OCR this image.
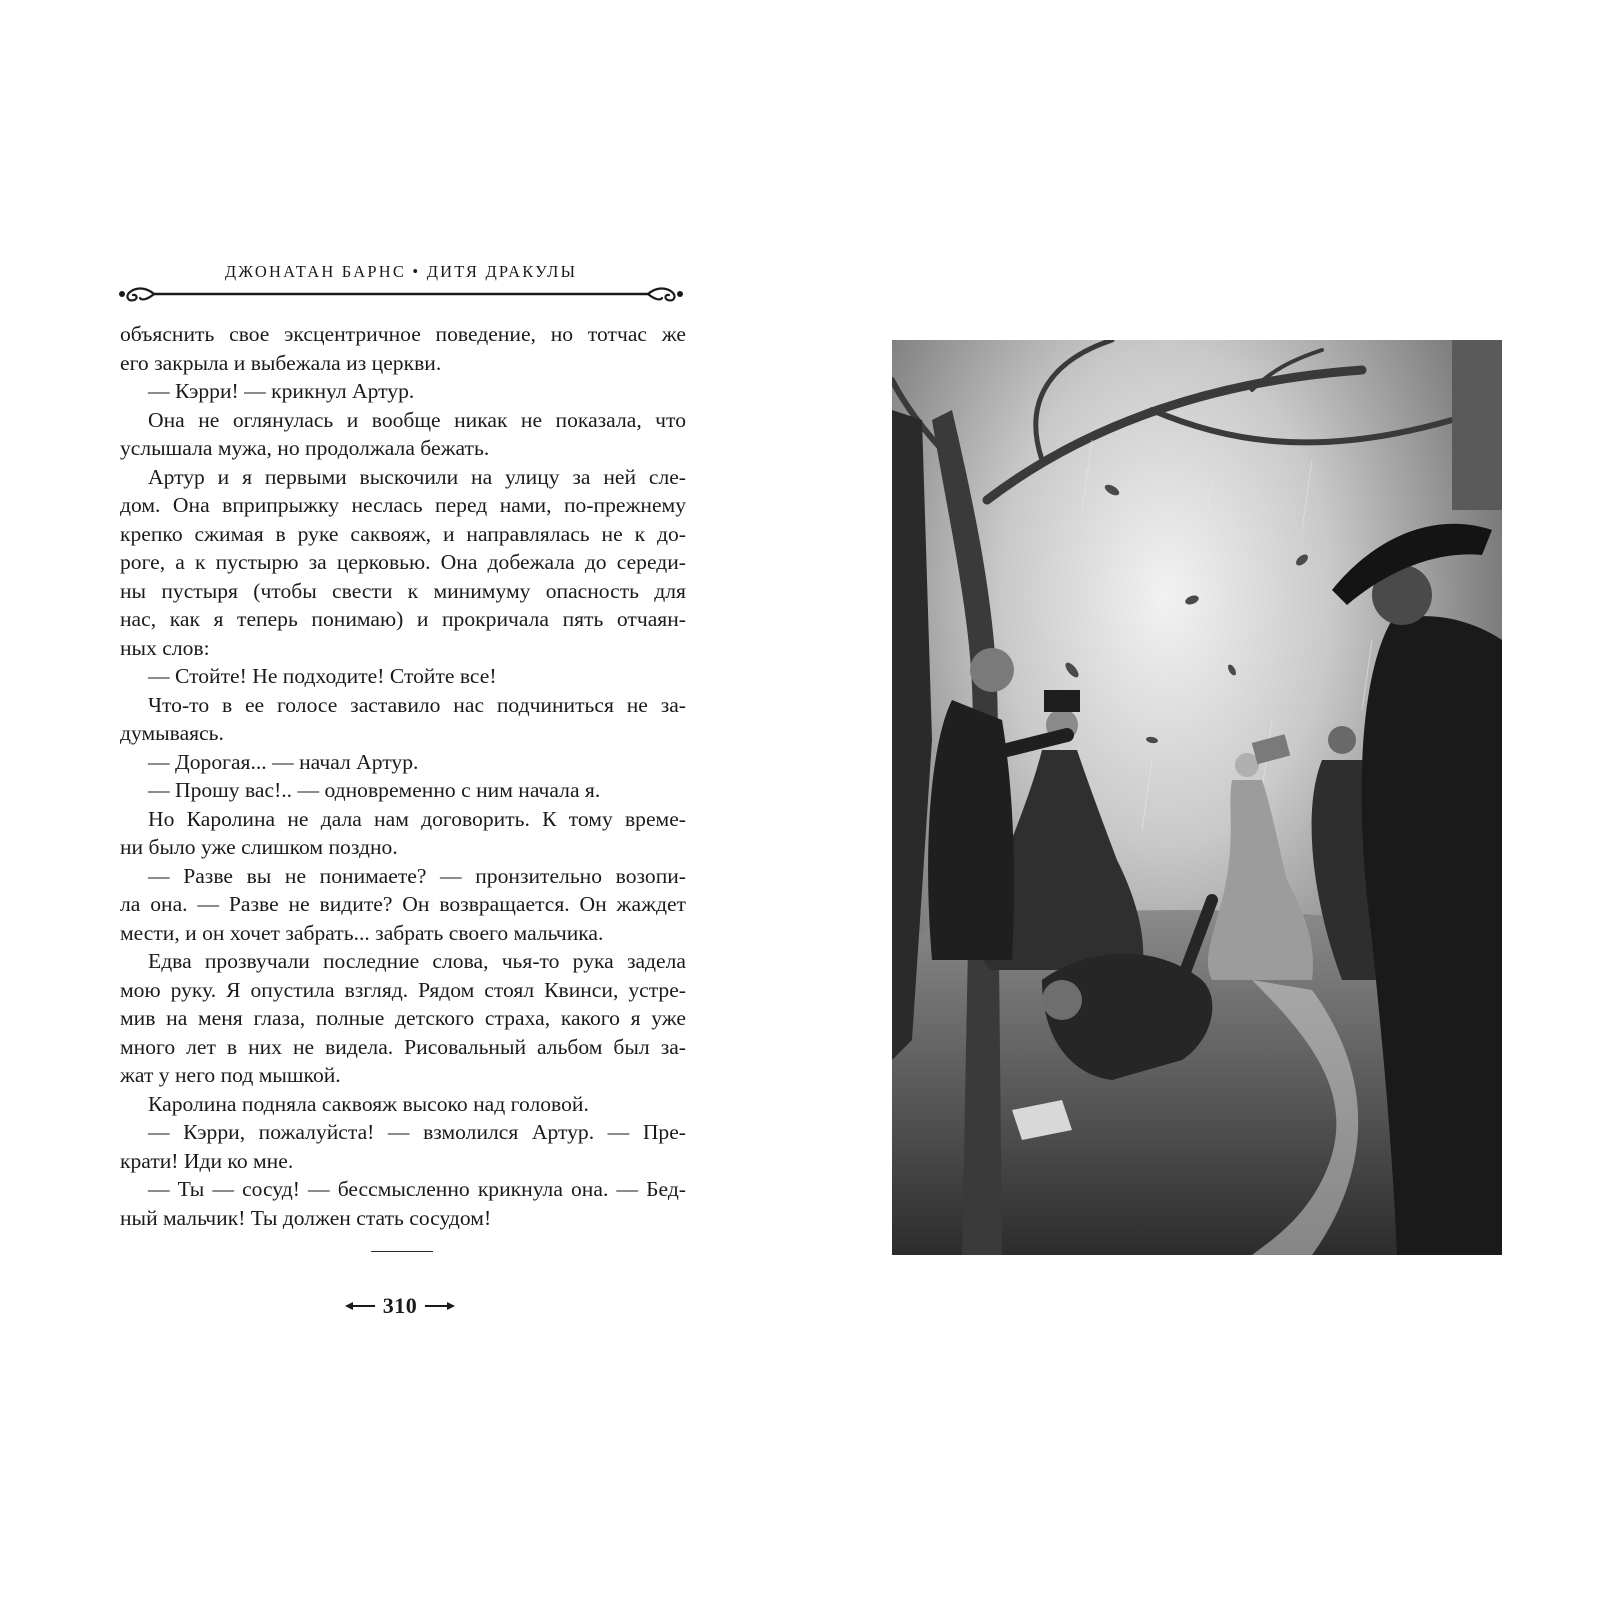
ДЖОНАТАН БАРНС • ДИТЯ ДРАКУЛЫ
объяснить свое эксцентричное поведение, но тотчас же
его закрыла и выбежала из церкви.
— Кэрри! — крикнул Артур.
Она не оглянулась и вообще никак не показала, что
услышала мужа, но продолжала бежать.
Артур и я первыми выскочили на улицу за ней сле-
дом. Она вприпрыжку неслась перед нами, по-прежнему
крепко сжимая в руке саквояж, и направлялась не к до-
роге, а к пустырю за церковью. Она добежала до середи-
ны пустыря (чтобы свести к минимуму опасность для
нас, как я теперь понимаю) и прокричала пять отчаян-
ных слов:
— Стойте! Не подходите! Стойте все!
Что-то в ее голосе заставило нас подчиниться не за-
думываясь.
— Дорогая... — начал Артур.
— Прошу вас!.. — одновременно с ним начала я.
Но Каролина не дала нам договорить. К тому време-
ни было уже слишком поздно.
— Разве вы не понимаете? — пронзительно возопи-
ла она. — Разве не видите? Он возвращается. Он жаждет
мести, и он хочет забрать... забрать своего мальчика.
Едва прозвучали последние слова, чья-то рука задела
мою руку. Я опустила взгляд. Рядом стоял Квинси, устре-
мив на меня глаза, полные детского страха, какого я уже
много лет в них не видела. Рисовальный альбом был за-
жат у него под мышкой.
Каролина подняла саквояж высоко над головой.
— Кэрри, пожалуйста! — взмолился Артур. — Пре-
крати! Иди ко мне.
— Ты — сосуд! — бессмысленно крикнула она. — Бед-
ный мальчик! Ты должен стать сосудом!
310
